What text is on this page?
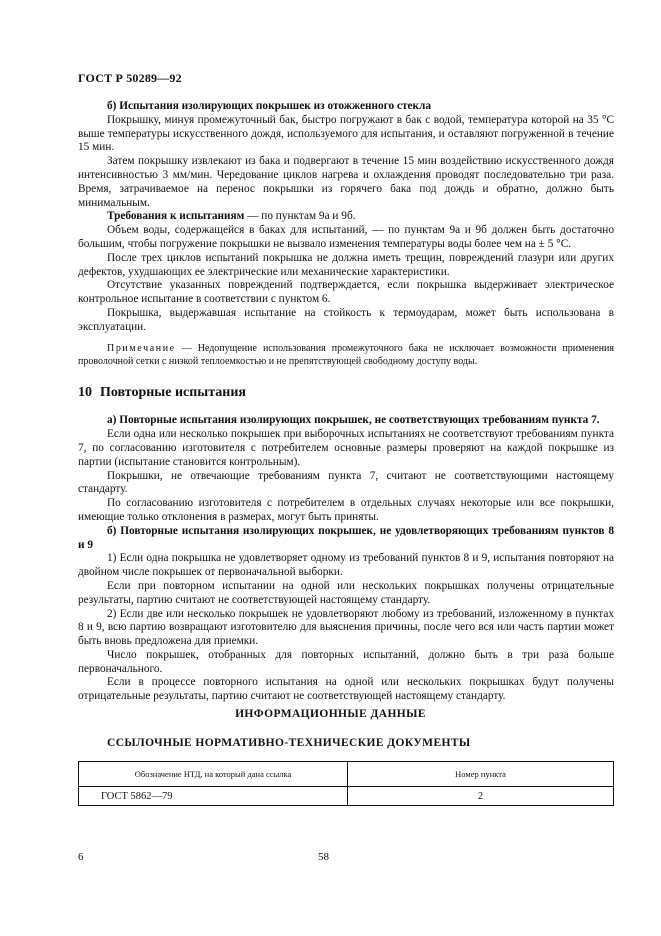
ГОСТ Р 50289—92

б) Испытания изолирующих покрышек из отожженного стекла

Покрышку, минуя промежуточный бак, быстро погружают в бак с водой, температура которой на 35 °С выше температуры искусственного дождя, используемого для испытания, и оставляют погруженной в течение 15 мин.

Затем покрышку извлекают из бака и подвергают в течение 15 мин воздействию искусственного дождя интенсивностью 3 мм/мин. Чередование циклов нагрева и охлаждения проводят последовательно три раза. Время, затрачиваемое на перенос покрышки из горячего бака под дождь и обратно, должно быть минимальным.

Требования к испытаниям — по пунктам 9а и 9б.

Объем воды, содержащейся в баках для испытаний, — по пунктам 9а и 9б должен быть достаточно большим, чтобы погружение покрышки не вызвало изменения температуры воды более чем на ± 5 °С.

После трех циклов испытаний покрышка не должна иметь трещин, повреждений глазури или других дефектов, ухудшающих ее электрические или механические характеристики.

Отсутствие указанных повреждений подтверждается, если покрышка выдерживает электрическое контрольное испытание в соответствии с пунктом 6.

Покрышка, выдержавшая испытание на стойкость к термоударам, может быть использована в эксплуатации.

Примечание — Недопущение использования промежуточного бака не исключает возможности применения проволочной сетки с низкой теплоемкостью и не препятствующей свободному доступу воды.

10 Повторные испытания

а) Повторные испытания изолирующих покрышек, не соответствующих требованиям пункта 7.

Если одна или несколько покрышек при выборочных испытаниях не соответствуют требованиям пункта 7, по согласованию изготовителя с потребителем основные размеры проверяют на каждой покрышке из партии (испытание становится контрольным).

Покрышки, не отвечающие требованиям пункта 7, считают не соответствующими настоящему стандарту.

По согласованию изготовителя с потребителем в отдельных случаях некоторые или все покрышки, имеющие только отклонения в размерах, могут быть приняты.

б) Повторные испытания изолирующих покрышек, не удовлетворяющих требованиям пунктов 8 и 9

1) Если одна покрышка не удовлетворяет одному из требований пунктов 8 и 9, испытания повторяют на двойном числе покрышек от первоначальной выборки.

Если при повторном испытании на одной или нескольких покрышках получены отрицательные результаты, партию считают не соответствующей настоящему стандарту.

2) Если две или несколько покрышек не удовлетворяют любому из требований, изложенному в пунктах 8 и 9, всю партию возвращают изготовителю для выяснения причины, после чего вся или часть партии может быть вновь предложена для приемки.

Число покрышек, отобранных для повторных испытаний, должно быть в три раза больше первоначального.

Если в процессе повторного испытания на одной или нескольких покрышках будут получены отрицательные результаты, партию считают не соответствующей настоящему стандарту.

ИНФОРМАЦИОННЫЕ ДАННЫЕ
ССЫЛОЧНЫЕ НОРМАТИВНО-ТЕХНИЧЕСКИЕ ДОКУМЕНТЫ
Обозначение НТД, на который дана ссылка	Номер пункта
ГОСТ 5862—79	2
6	58
